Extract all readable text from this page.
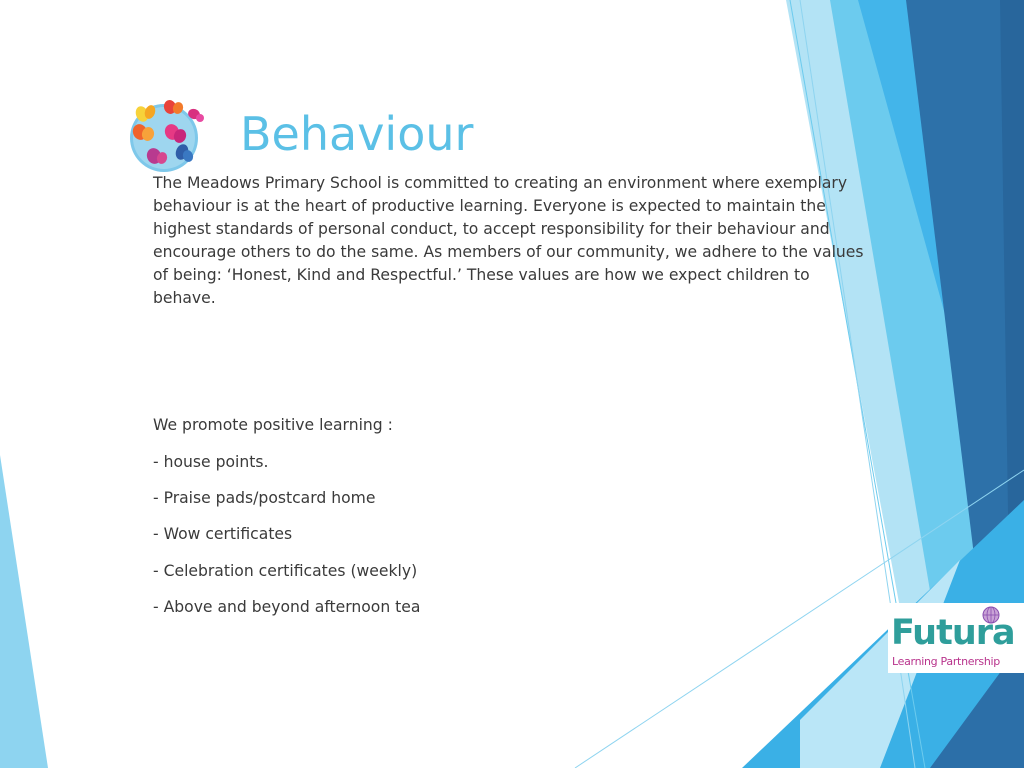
Behaviour

The Meadows Primary School is committed to creating an environment where exemplary behaviour is at the heart of productive learning. Everyone is expected to maintain the highest standards of personal conduct, to accept responsibility for their behaviour and encourage others to do the same. As members of our community, we adhere to the values of being: ‘Honest, Kind and Respectful.’ These values are how we expect children to behave.

We promote positive learning :

- house points.

- Praise pads/postcard home

- Wow certificates

- Celebration certificates (weekly)

- Above and beyond afternoon tea

Futura

Learning Partnership
